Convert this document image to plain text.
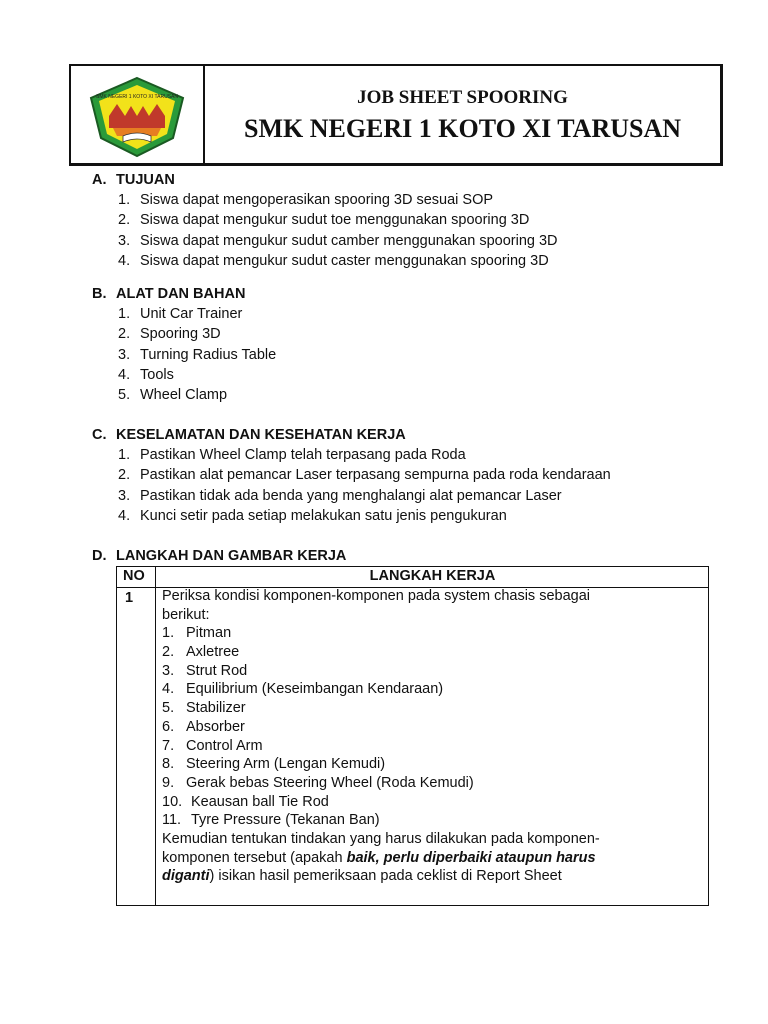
SMK NEGERI 1 KOTO XI TARUSAN	JOB SHEET SPOORING
SMK NEGERI 1 KOTO XI TARUSAN
A. TUJUAN
1. Siswa dapat mengoperasikan spooring 3D sesuai SOP
2. Siswa dapat mengukur sudut toe menggunakan spooring 3D
3. Siswa dapat mengukur sudut camber menggunakan spooring 3D
4. Siswa dapat mengukur sudut caster menggunakan spooring 3D
B. ALAT DAN BAHAN
1. Unit Car Trainer
2. Spooring 3D
3. Turning Radius Table
4. Tools
5. Wheel Clamp
C. KESELAMATAN DAN KESEHATAN KERJA
1. Pastikan Wheel Clamp telah terpasang pada Roda
2. Pastikan alat pemancar Laser terpasang sempurna pada roda kendaraan
3. Pastikan tidak ada benda yang menghalangi alat pemancar Laser
4. Kunci setir pada setiap melakukan satu jenis pengukuran
D. LANGKAH DAN GAMBAR KERJA
NO	LANGKAH KERJA
1 Periksa kondisi komponen-komponen pada system chasis sebagai
berikut:
1. Pitman
2. Axletree
3. Strut Rod
4. Equilibrium (Keseimbangan Kendaraan)
5. Stabilizer
6. Absorber
7. Control Arm
8. Steering Arm (Lengan Kemudi)
9. Gerak bebas Steering Wheel (Roda Kemudi)
10. Keausan ball Tie Rod
11. Tyre Pressure (Tekanan Ban)
Kemudian tentukan tindakan yang harus dilakukan pada komponen-
komponen tersebut (apakah baik, perlu diperbaiki ataupun harus
diganti) isikan hasil pemeriksaan pada ceklist di Report Sheet
